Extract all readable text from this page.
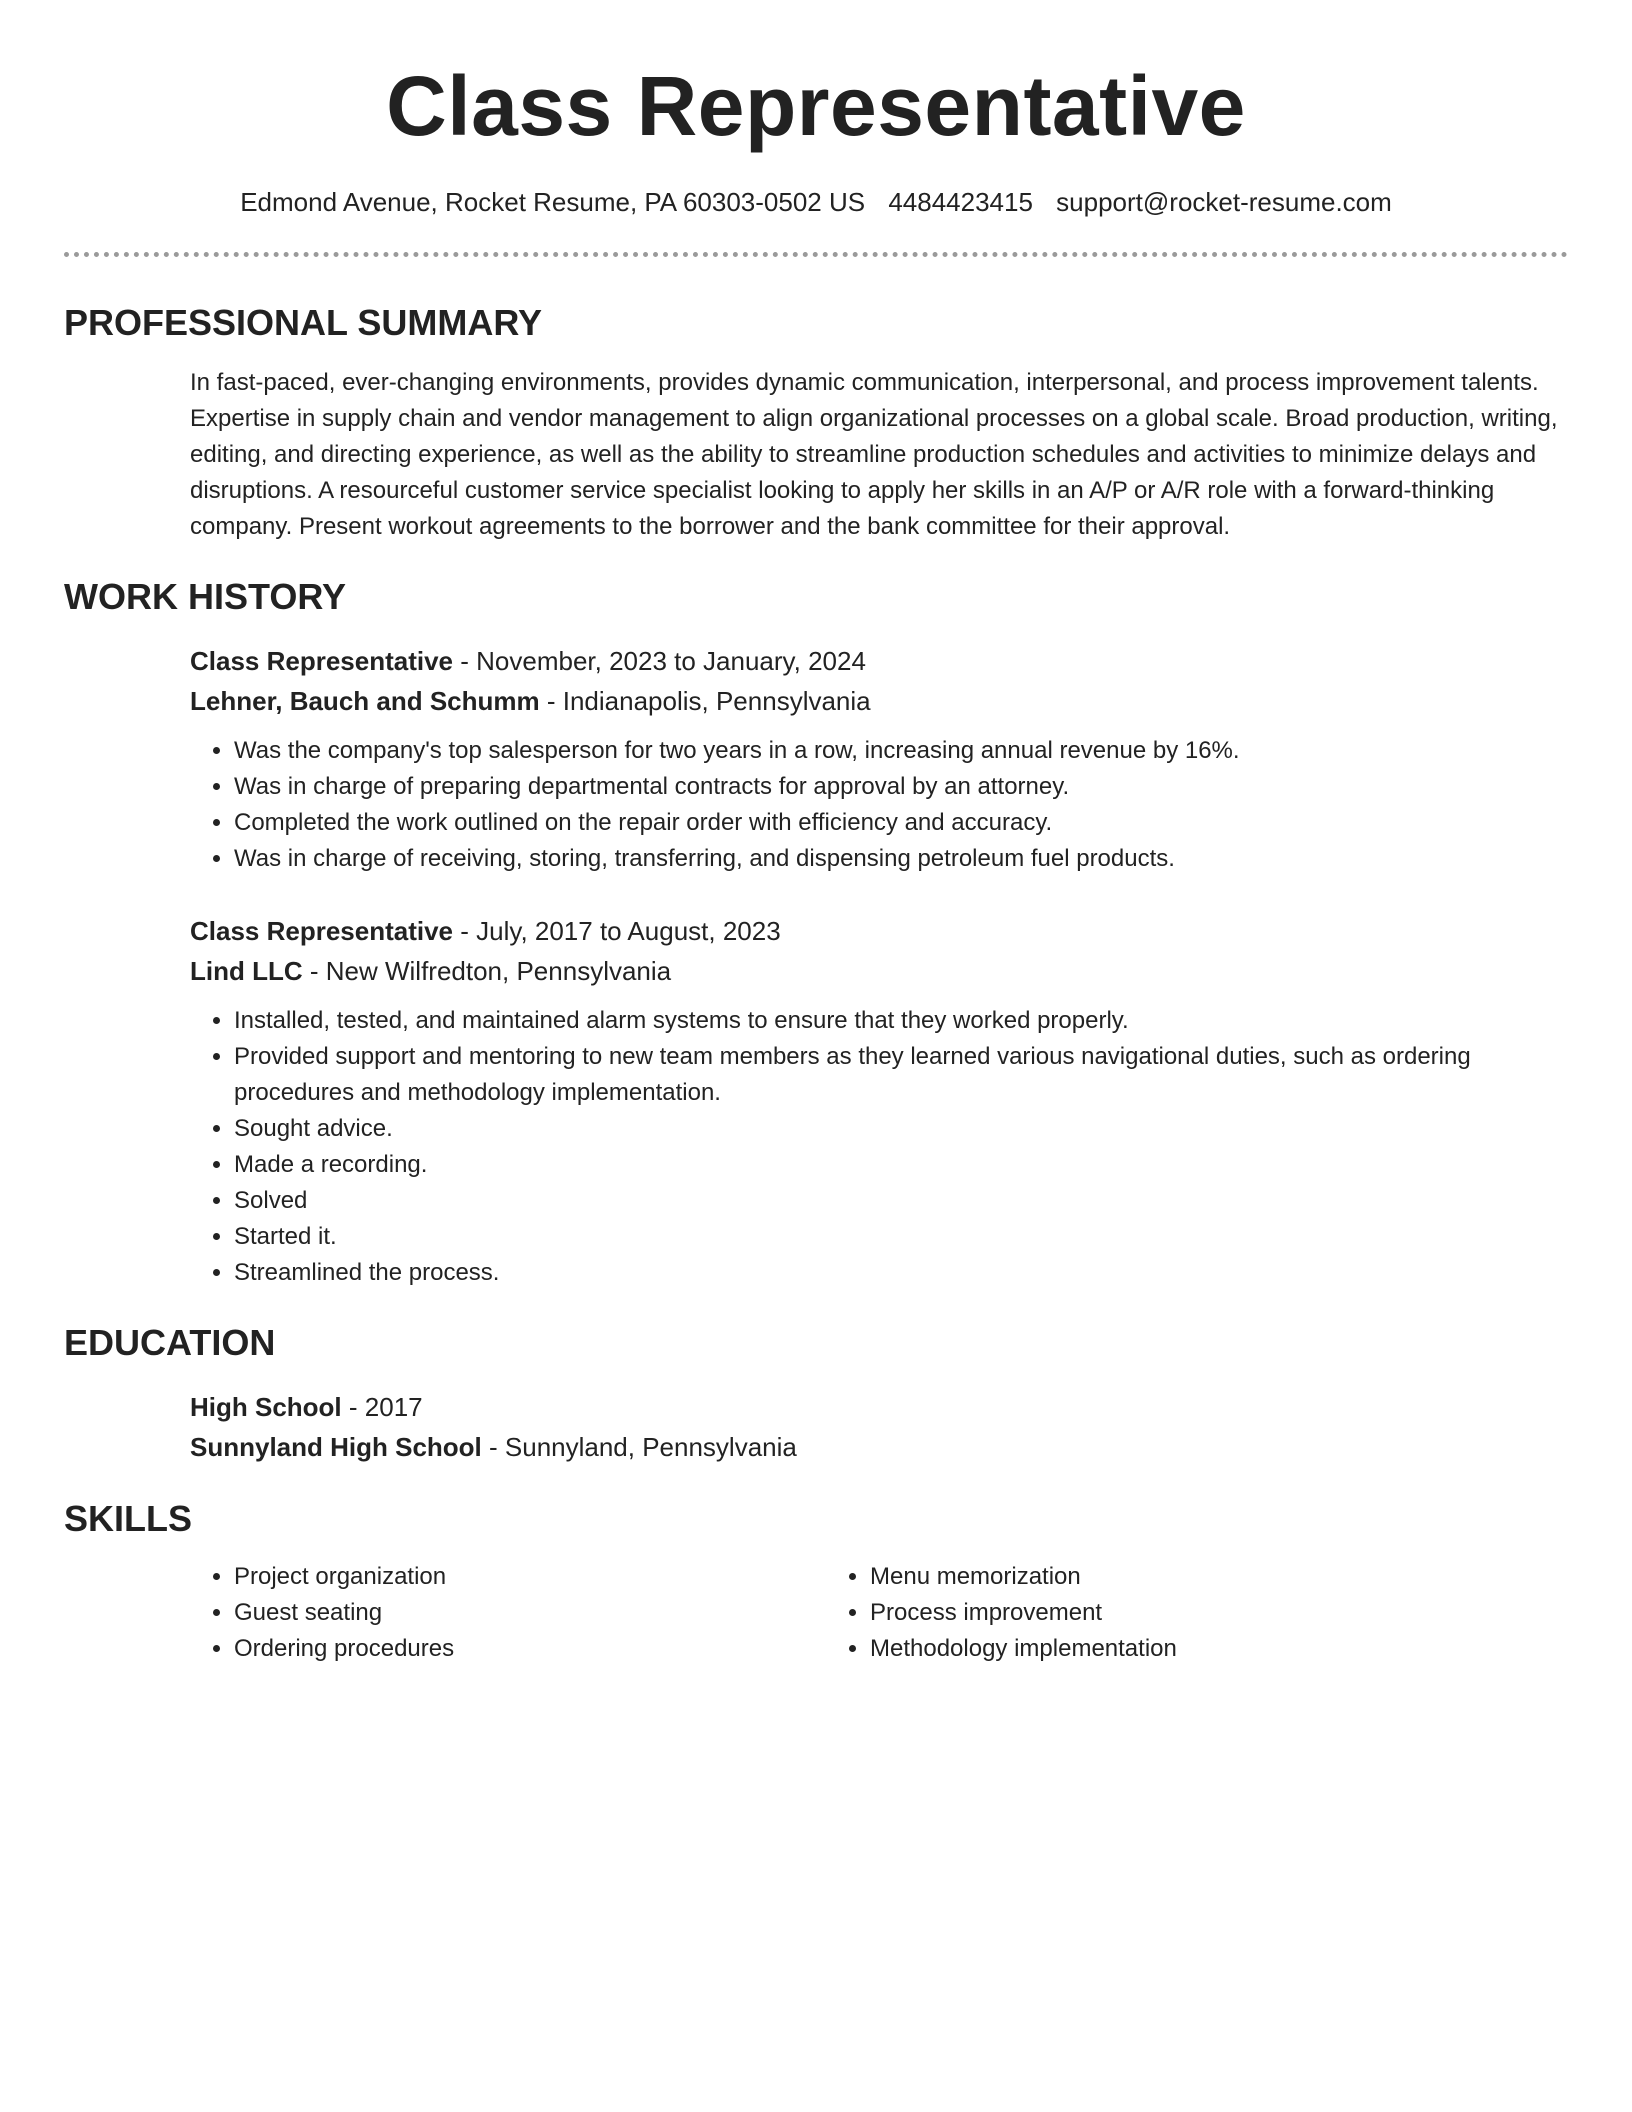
Class Representative
Edmond Avenue, Rocket Resume, PA 60303-0502 US 4484423415 support@rocket-resume.com
PROFESSIONAL SUMMARY

In fast-paced, ever-changing environments, provides dynamic communication, interpersonal, and process improvement talents. Expertise in supply chain and vendor management to align organizational processes on a global scale. Broad production, writing, editing, and directing experience, as well as the ability to streamline production schedules and activities to minimize delays and disruptions. A resourceful customer service specialist looking to apply her skills in an A/P or A/R role with a forward-thinking company. Present workout agreements to the borrower and the bank committee for their approval.

WORK HISTORY
Class Representative - November, 2023 to January, 2024
Lehner, Bauch and Schumm - Indianapolis, Pennsylvania
• Was the company's top salesperson for two years in a row, increasing annual revenue by 16%.
• Was in charge of preparing departmental contracts for approval by an attorney.
• Completed the work outlined on the repair order with efficiency and accuracy.
• Was in charge of receiving, storing, transferring, and dispensing petroleum fuel products.
Class Representative - July, 2017 to August, 2023
Lind LLC - New Wilfredton, Pennsylvania
• Installed, tested, and maintained alarm systems to ensure that they worked properly.
• Provided support and mentoring to new team members as they learned various navigational duties, such as ordering procedures and methodology implementation.
• Sought advice.
• Made a recording.
• Solved
• Started it.
• Streamlined the process.
EDUCATION
High School - 2017
Sunnyland High School - Sunnyland, Pennsylvania
SKILLS
• Project organization
• Guest seating
• Ordering procedures
• Menu memorization
• Process improvement
• Methodology implementation
